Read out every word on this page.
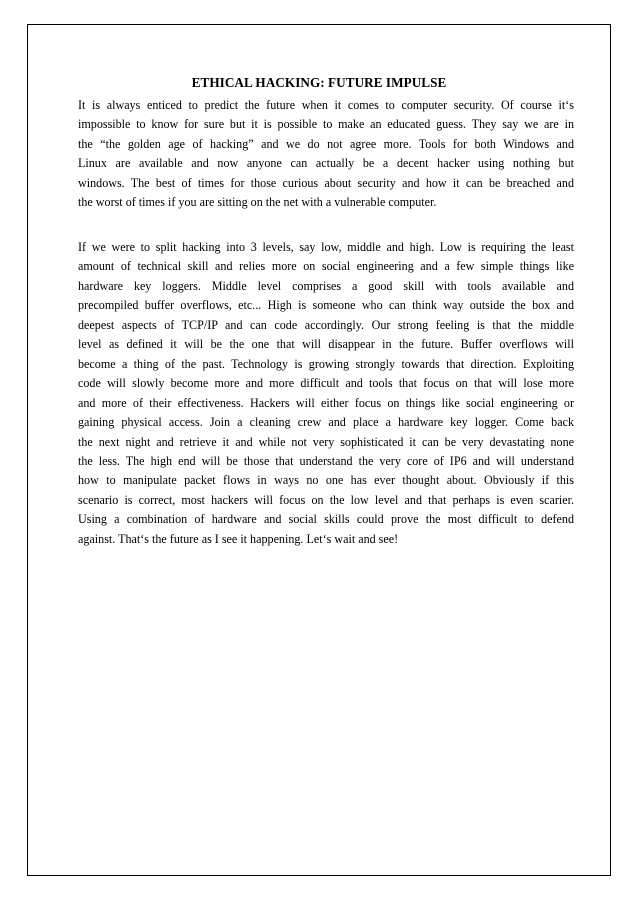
ETHICAL HACKING: FUTURE IMPULSE
It is always enticed to predict the future when it comes to computer security. Of course it‘s
impossible to know for sure but it is possible to make an educated guess. They say we are in
the “the golden age of hacking” and we do not agree more. Tools for both Windows and
Linux are available and now anyone can actually be a decent hacker using nothing but
windows. The best of times for those curious about security and how it can be breached and
the worst of times if you are sitting on the net with a vulnerable computer.
If we were to split hacking into 3 levels, say low, middle and high. Low is requiring the least
amount of technical skill and relies more on social engineering and a few simple things like
hardware key loggers. Middle level comprises a good skill with tools available and
precompiled buffer overflows, etc... High is someone who can think way outside the box and
deepest aspects of TCP/IP and can code accordingly. Our strong feeling is that the middle
level as defined it will be the one that will disappear in the future. Buffer overflows will
become a thing of the past. Technology is growing strongly towards that direction. Exploiting
code will slowly become more and more difficult and tools that focus on that will lose more
and more of their effectiveness. Hackers will either focus on things like social engineering or
gaining physical access. Join a cleaning crew and place a hardware key logger. Come back
the next night and retrieve it and while not very sophisticated it can be very devastating none
the less. The high end will be those that understand the very core of IP6 and will understand
how to manipulate packet flows in ways no one has ever thought about. Obviously if this
scenario is correct, most hackers will focus on the low level and that perhaps is even scarier.
Using a combination of hardware and social skills could prove the most difficult to defend
against. That‘s the future as I see it happening. Let‘s wait and see!
